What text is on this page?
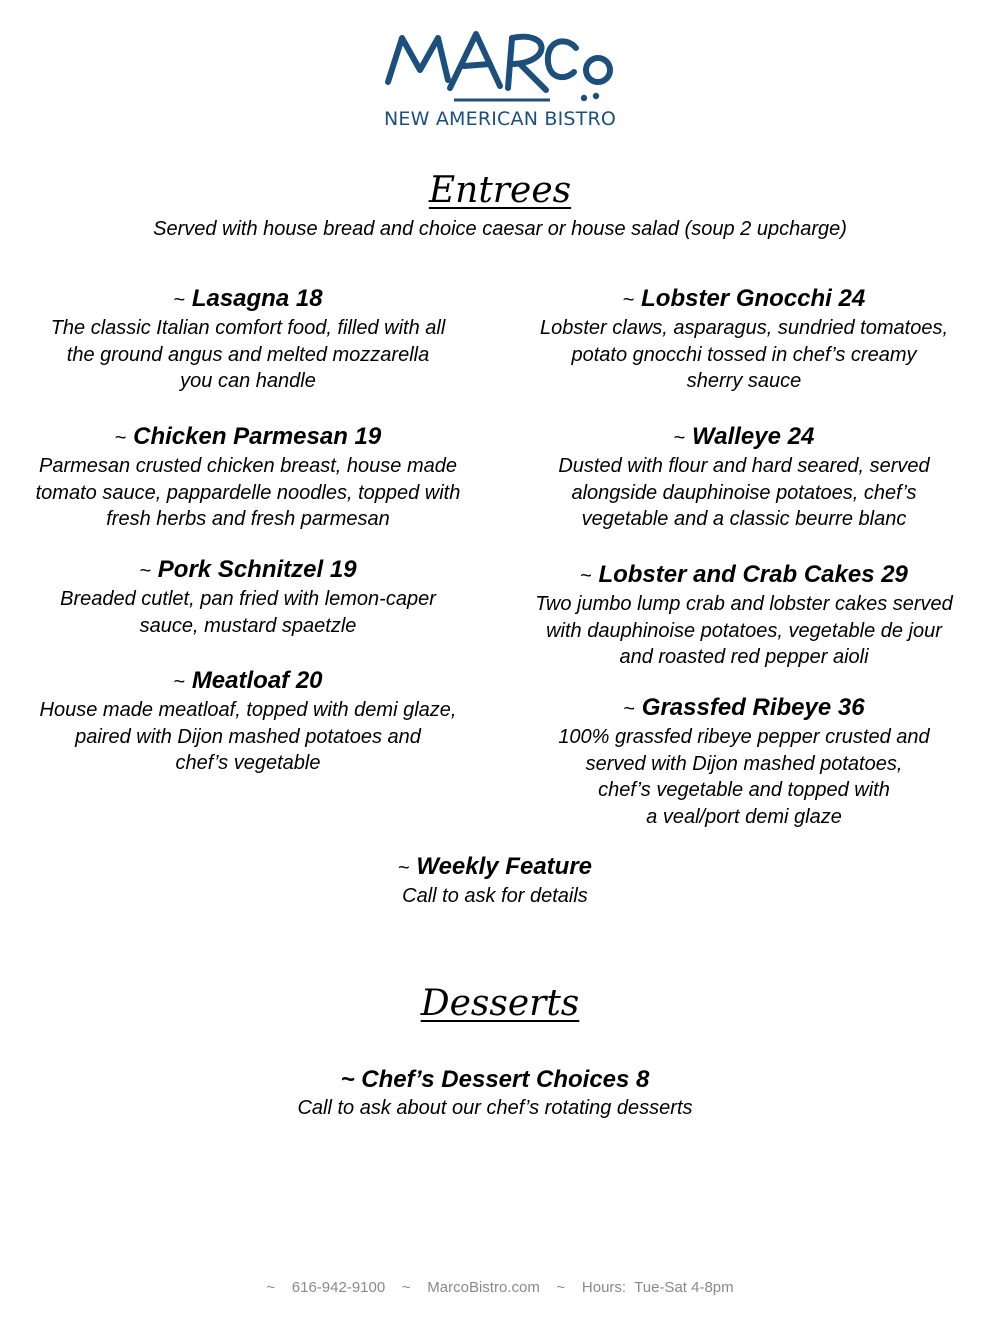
NEW AMERICAN BISTRO
Entrees
Served with house bread and choice caesar or house salad (soup 2 upcharge)
~ Lasagna 18
The classic Italian comfort food, filled with all
the ground angus and melted mozzarella
you can handle
~ Chicken Parmesan 19
Parmesan crusted chicken breast, house made
tomato sauce, pappardelle noodles, topped with
fresh herbs and fresh parmesan
~ Pork Schnitzel 19
Breaded cutlet, pan fried with lemon-caper
sauce, mustard spaetzle
~ Meatloaf 20
House made meatloaf, topped with demi glaze,
paired with Dijon mashed potatoes and
chef’s vegetable
~ Lobster Gnocchi 24
Lobster claws, asparagus, sundried tomatoes,
potato gnocchi tossed in chef’s creamy
sherry sauce
~ Walleye 24
Dusted with flour and hard seared, served
alongside dauphinoise potatoes, chef’s
vegetable and a classic beurre blanc
~ Lobster and Crab Cakes 29
Two jumbo lump crab and lobster cakes served
with dauphinoise potatoes, vegetable de jour
and roasted red pepper aioli
~ Grassfed Ribeye 36
100% grassfed ribeye pepper crusted and
served with Dijon mashed potatoes,
chef’s vegetable and topped with
a veal/port demi glaze
~ Weekly Feature
Call to ask for details
Desserts
~ Chef’s Dessert Choices 8
Call to ask about our chef’s rotating desserts
~    616-942-9100    ~    MarcoBistro.com    ~    Hours:  Tue-Sat 4-8pm
